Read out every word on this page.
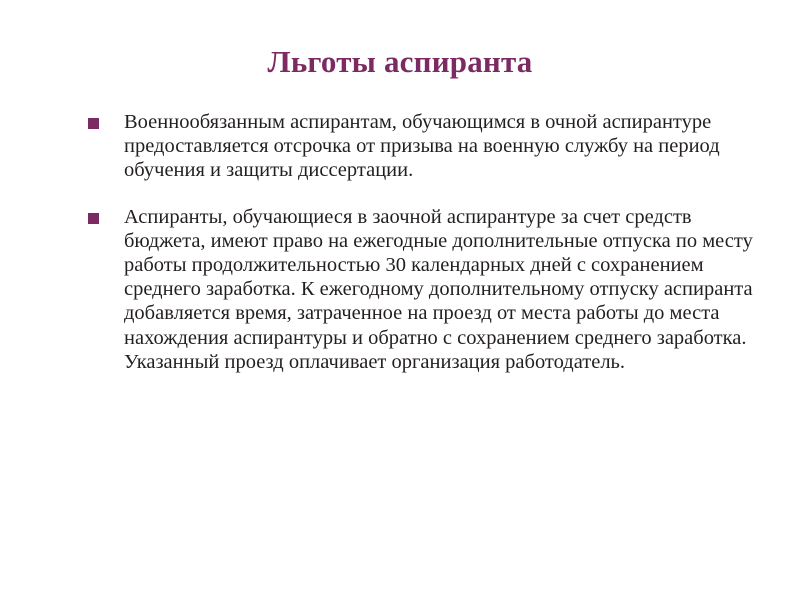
Льготы аспиранта
Военнообязанным аспирантам, обучающимся в очной аспирантуре предоставляется отсрочка от призыва на военную службу на период обучения и защиты диссертации.
Аспиранты, обучающиеся в заочной аспирантуре за счет средств бюджета, имеют право на ежегодные дополнительные отпуска по месту работы продолжительностью 30 календарных дней с сохранением среднего заработка. К ежегодному дополнительному отпуску аспиранта добавляется время, затраченное на проезд от места работы до места нахождения аспирантуры и обратно с сохранением среднего заработка. Указанный проезд оплачивает организация работодатель.
